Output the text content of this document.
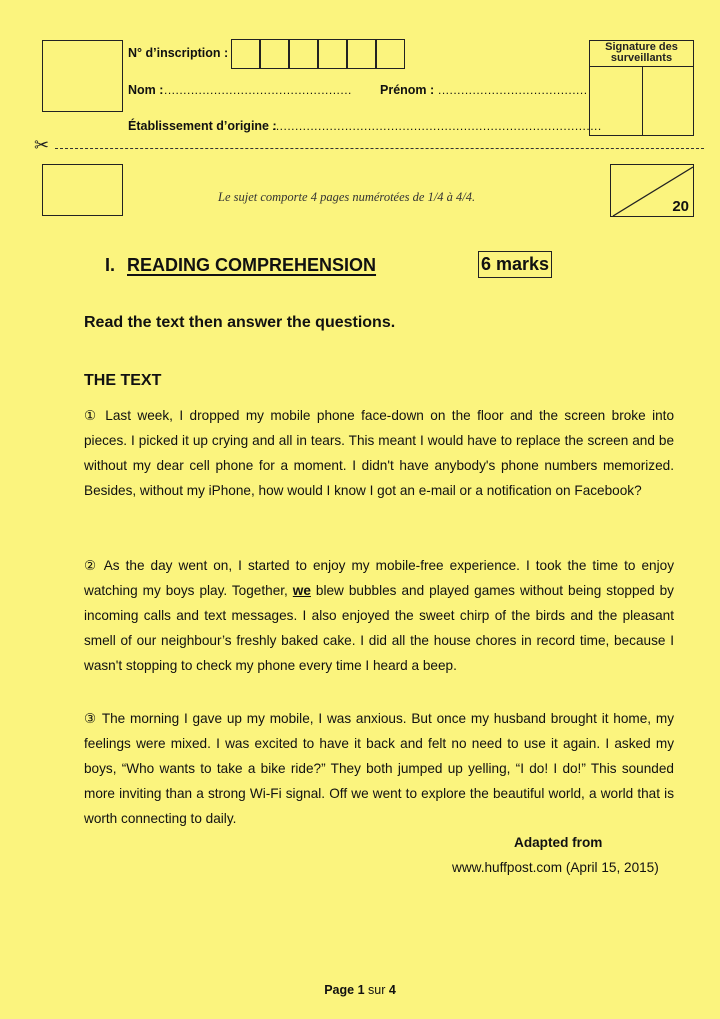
N° d’inscription :
Nom : ................................................. Prénom : .......................................
Établissement d’origine :
......................................................................................
Signature des surveillants
✂
Le sujet comporte 4 pages numérotées de 1/4 à 4/4.
20
I. READING COMPREHENSION	6 marks
Read the text then answer the questions.
THE TEXT
① Last week, I dropped my mobile phone face-down on the floor and the screen broke into pieces. I picked it up crying and all in tears. This meant I would have to replace the screen and be without my dear cell phone for a moment. I didn't have anybody's phone numbers memorized. Besides, without my iPhone, how would I know I got an e-mail or a notification on Facebook?
② As the day went on, I started to enjoy my mobile-free experience. I took the time to enjoy watching my boys play. Together, we blew bubbles and played games without being stopped by incoming calls and text messages. I also enjoyed the sweet chirp of the birds and the pleasant smell of our neighbour’s freshly baked cake. I did all the house chores in record time, because I wasn't stopping to check my phone every time I heard a beep.
③ The morning I gave up my mobile, I was anxious. But once my husband brought it home, my feelings were mixed. I was excited to have it back and felt no need to use it again. I asked my boys, “Who wants to take a bike ride?” They both jumped up yelling, “I do! I do!” This sounded more inviting than a strong Wi-Fi signal. Off we went to explore the beautiful world, a world that is worth connecting to daily.
Adapted from
www.huffpost.com (April 15, 2015)
Page 1 sur 4
